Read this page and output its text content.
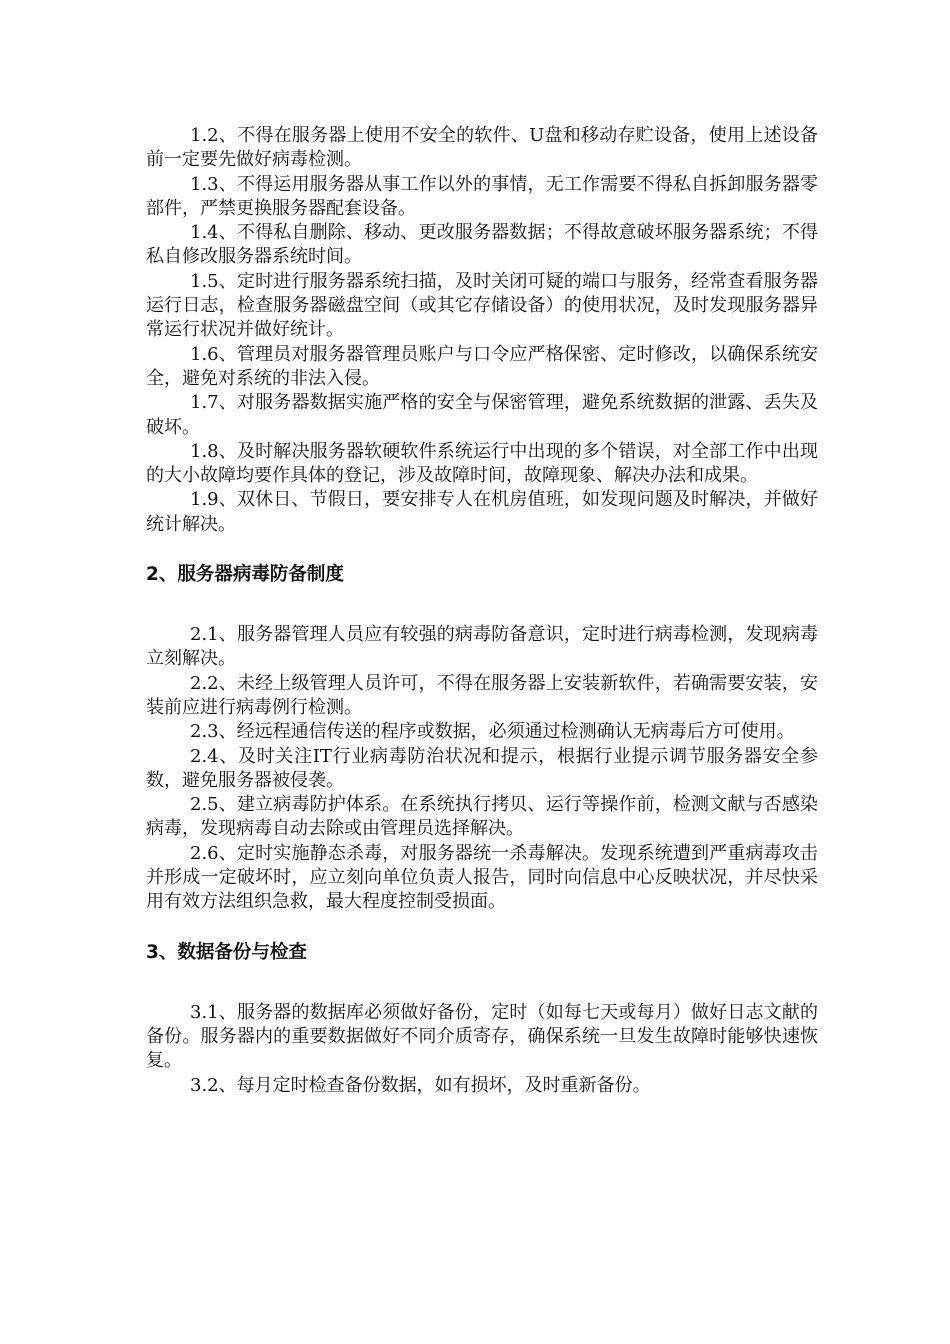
1.2、不得在服务器上使用不安全的软件、U盘和移动存贮设备，使用上述设备前一定要先做好病毒检测。

1.3、不得运用服务器从事工作以外的事情，无工作需要不得私自拆卸服务器零部件，严禁更换服务器配套设备。

1.4、不得私自删除、移动、更改服务器数据；不得故意破坏服务器系统；不得私自修改服务器系统时间。

1.5、定时进行服务器系统扫描，及时关闭可疑的端口与服务，经常查看服务器运行日志，检查服务器磁盘空间（或其它存储设备）的使用状况，及时发现服务器异常运行状况并做好统计。

1.6、管理员对服务器管理员账户与口令应严格保密、定时修改，以确保系统安全，避免对系统的非法入侵。

1.7、对服务器数据实施严格的安全与保密管理，避免系统数据的泄露、丢失及破坏。

1.8、及时解决服务器软硬软件系统运行中出现的多个错误，对全部工作中出现的大小故障均要作具体的登记，涉及故障时间，故障现象、解决办法和成果。

1.9、双休日、节假日，要安排专人在机房值班，如发现问题及时解决，并做好统计解决。

2、服务器病毒防备制度

2.1、服务器管理人员应有较强的病毒防备意识，定时进行病毒检测，发现病毒立刻解决。

2.2、未经上级管理人员许可，不得在服务器上安装新软件，若确需要安装，安装前应进行病毒例行检测。

2.3、经远程通信传送的程序或数据，必须通过检测确认无病毒后方可使用。

2.4、及时关注IT行业病毒防治状况和提示，根据行业提示调节服务器安全参数，避免服务器被侵袭。

2.5、建立病毒防护体系。在系统执行拷贝、运行等操作前，检测文献与否感染病毒，发现病毒自动去除或由管理员选择解决。

2.6、定时实施静态杀毒，对服务器统一杀毒解决。发现系统遭到严重病毒攻击并形成一定破坏时，应立刻向单位负责人报告，同时向信息中心反映状况，并尽快采用有效方法组织急救，最大程度控制受损面。

3、数据备份与检查

3.1、服务器的数据库必须做好备份，定时（如每七天或每月）做好日志文献的备份。服务器内的重要数据做好不同介质寄存，确保系统一旦发生故障时能够快速恢复。

3.2、每月定时检查备份数据，如有损坏，及时重新备份。
